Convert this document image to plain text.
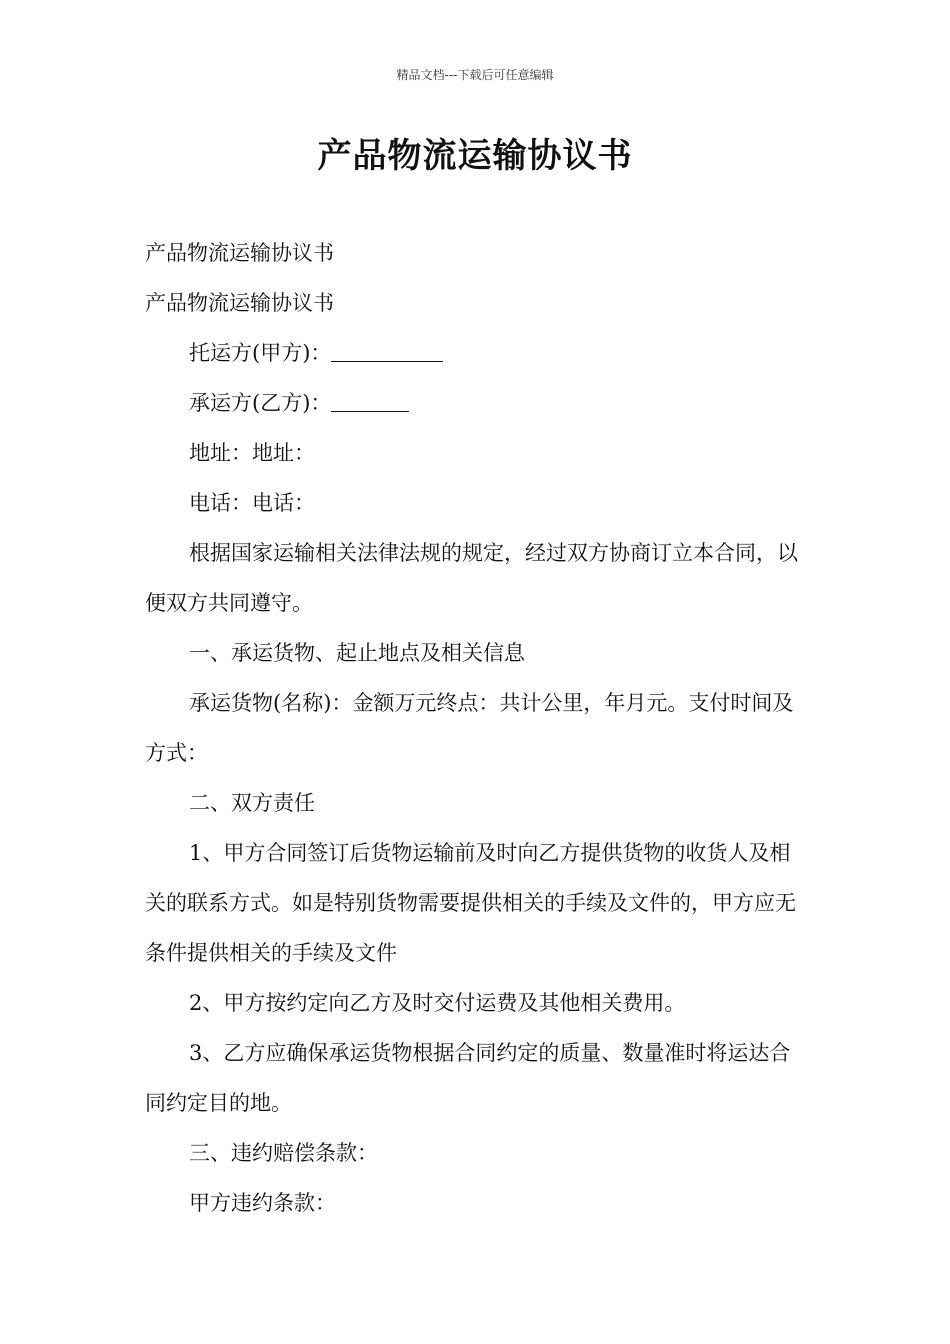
精品文档---下载后可任意编辑
产品物流运输协议书

产品物流运输协议书

产品物流运输协议书

托运方(甲方)：

承运方(乙方)：

地址：地址：

电话：电话：

根据国家运输相关法律法规的规定，经过双方协商订立本合同，以便双方共同遵守。

一、承运货物、起止地点及相关信息

承运货物(名称)：金额万元终点：共计公里，年月元。支付时间及方式：

二、双方责任

1、甲方合同签订后货物运输前及时向乙方提供货物的收货人及相关的联系方式。如是特别货物需要提供相关的手续及文件的，甲方应无条件提供相关的手续及文件

2、甲方按约定向乙方及时交付运费及其他相关费用。

3、乙方应确保承运货物根据合同约定的质量、数量准时将运达合同约定目的地。

三、违约赔偿条款：

甲方违约条款：
